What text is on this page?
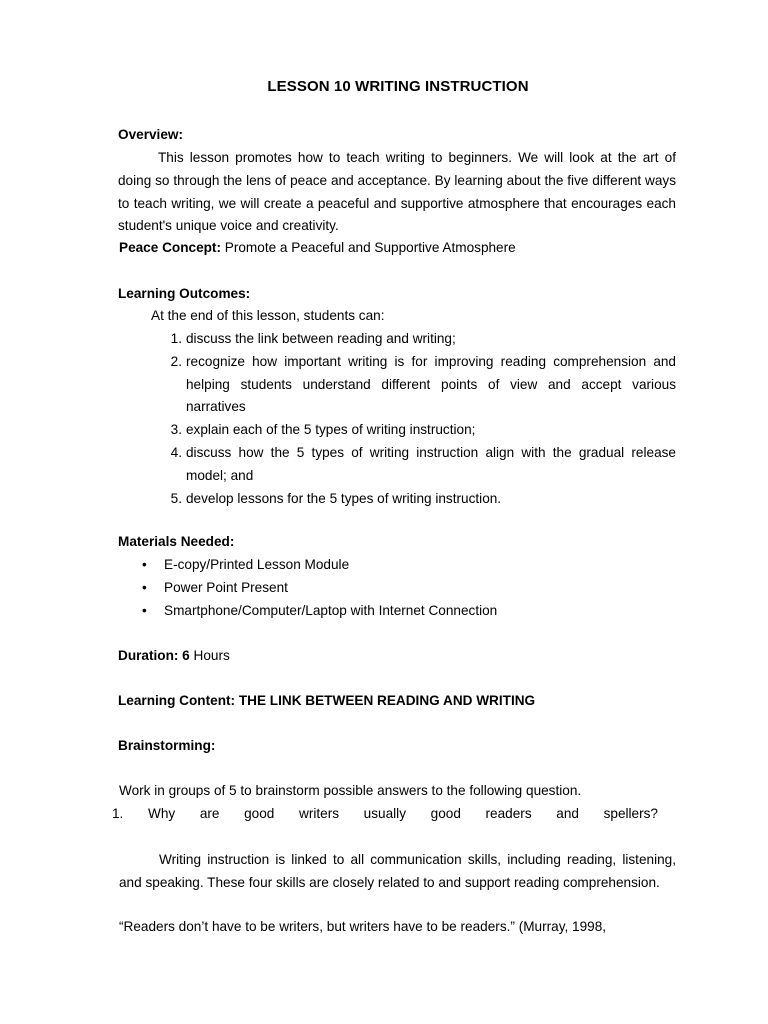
LESSON 10 WRITING INSTRUCTION
Overview:
This lesson promotes how to teach writing to beginners. We will look at the art of doing so through the lens of peace and acceptance. By learning about the five different ways to teach writing, we will create a peaceful and supportive atmosphere that encourages each student's unique voice and creativity.
Peace Concept: Promote a Peaceful and Supportive Atmosphere
Learning Outcomes:
At the end of this lesson, students can:
1. discuss the link between reading and writing;
2. recognize how important writing is for improving reading comprehension and helping students understand different points of view and accept various narratives
3. explain each of the 5 types of writing instruction;
4. discuss how the 5 types of writing instruction align with the gradual release model; and
5. develop lessons for the 5 types of writing instruction.
Materials Needed:
• E-copy/Printed Lesson Module
• Power Point Present
• Smartphone/Computer/Laptop with Internet Connection
Duration: 6 Hours
Learning Content: THE LINK BETWEEN READING AND WRITING
Brainstorming:
Work in groups of 5 to brainstorm possible answers to the following question.
1. Why are good writers usually good readers and spellers?
Writing instruction is linked to all communication skills, including reading, listening, and speaking. These four skills are closely related to and support reading comprehension.
“Readers don’t have to be writers, but writers have to be readers.” (Murray, 1998,
